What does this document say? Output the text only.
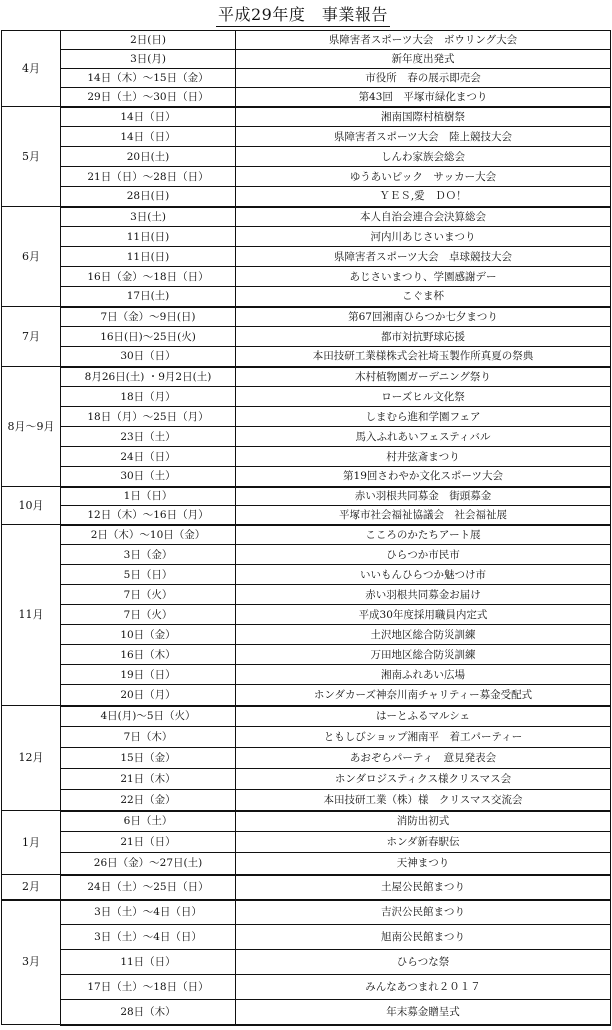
平成29年度　事業報告
4月	2日(日)	県障害者スポーツ大会　ボウリング大会
	3日(月)	新年度出発式
	14日（木）～15日（金）	市役所　春の展示即売会
	29日（土）～30日（日）	第43回　平塚市緑化まつり
5月	14日（日）	湘南国際村植樹祭
	14日（日）	県障害者スポーツ大会　陸上競技大会
	20日(土)	しんわ家族会総会
	21日（日）～28日（日）	ゆうあいピック　サッカー大会
	28日(日)	ＹＥＳ,愛　ＤＯ！
6月	3日(土)	本人自治会連合会決算総会
	11日(日)	河内川あじさいまつり
	11日(日)	県障害者スポーツ大会　卓球競技大会
	16日（金）～18日（日）	あじさいまつり、学園感謝デー
	17日(土)	こぐま杯
7月	7日（金）～9日(日)	第67回湘南ひらつか七夕まつり
	16日(日)～25日(火)	都市対抗野球応援
	30日（日）	本田技研工業様株式会社埼玉製作所真夏の祭典
8月～9月	8月26日(土) ・9月2日(土)	木村植物園ガーデニング祭り
	18日（月）	ローズヒル文化祭
	18日（月）～25日（月）	しまむら進和学園フェア
	23日（土）	馬入ふれあいフェスティバル
	24日（日）	村井弦斎まつり
	30日（土）	第19回さわやか文化スポーツ大会
10月	1日（日）	赤い羽根共同募金　街頭募金
	12日（木）～16日（月）	平塚市社会福祉協議会　社会福祉展
11月	2日（木）～10日（金）	こころのかたちアート展
	3日（金）	ひらつか市民市
	5日（日）	いいもんひらつか魅つけ市
	7日（火）	赤い羽根共同募金お届け
	7日（火）	平成30年度採用職員内定式
	10日（金）	土沢地区総合防災訓練
	16日（木）	万田地区総合防災訓練
	19日（日）	湘南ふれあい広場
	20日（月）	ホンダカーズ神奈川南チャリティー募金受配式
12月	4日(月)～5日（火）	はーとふるマルシェ
	7日（木）	ともしびショップ湘南平　着工パーティー
	15日（金）	あおぞらパーティ　意見発表会
	21日（木）	ホンダロジスティクス様クリスマス会
	22日（金）	本田技研工業（株）様　クリスマス交流会
1月	6日（土）	消防出初式
	21日（日）	ホンダ新春駅伝
	26日（金）～27日(土)	天神まつり
2月	24日（土）～25日（日）	土屋公民館まつり
3月	3日（土）～4日（日）	吉沢公民館まつり
	3日（土）～4日（日）	旭南公民館まつり
	11日（日）	ひらつな祭
	17日（土）～18日（日）	みんなあつまれ２０１７
	28日（木）	年末募金贈呈式
